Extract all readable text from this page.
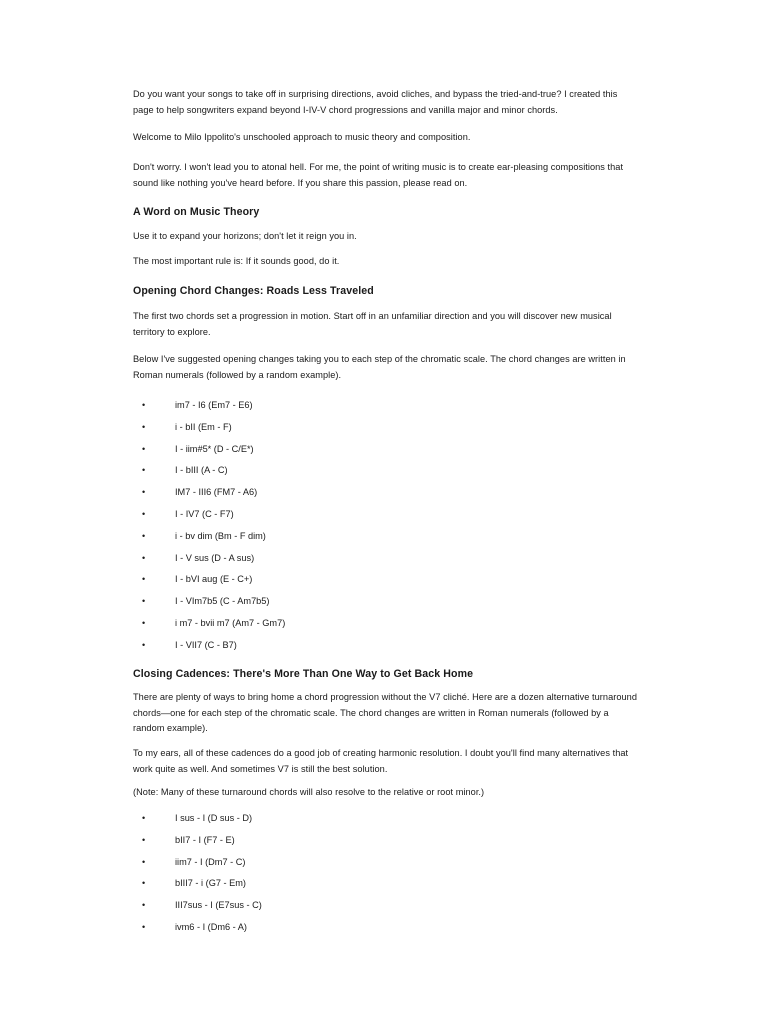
Do you want your songs to take off in surprising directions, avoid cliches, and bypass the tried-and-true? I created this page to help songwriters expand beyond I-IV-V chord progressions and vanilla major and minor chords.

Welcome to Milo Ippolito's unschooled approach to music theory and composition.

Don't worry. I won't lead you to atonal hell. For me, the point of writing music is to create ear-pleasing compositions that sound like nothing you've heard before. If you share this passion, please read on.

A Word on Music Theory

Use it to expand your horizons; don't let it reign you in.

The most important rule is: If it sounds good, do it.

Opening Chord Changes: Roads Less Traveled

The first two chords set a progression in motion. Start off in an unfamiliar direction and you will discover new musical territory to explore.

Below I've suggested opening changes taking you to each step of the chromatic scale. The chord changes are written in Roman numerals (followed by a random example).

•	im7 - I6 (Em7 - E6)
•	i - bII (Em - F)
•	I - iim#5* (D - C/E*)
•	I - bIII (A - C)
•	IM7 - III6 (FM7 - A6)
•	I - IV7 (C - F7)
•	i - bv dim (Bm - F dim)
•	I - V sus (D - A sus)
•	I - bVI aug (E - C+)
•	I - VIm7b5 (C - Am7b5)
•	i m7 - bvii m7 (Am7 - Gm7)
•	I - VII7 (C - B7)
Closing Cadences: There's More Than One Way to Get Back Home

There are plenty of ways to bring home a chord progression without the V7 cliché. Here are a dozen alternative turnaround chords—one for each step of the chromatic scale. The chord changes are written in Roman numerals (followed by a random example).

To my ears, all of these cadences do a good job of creating harmonic resolution. I doubt you'll find many alternatives that work quite as well. And sometimes V7 is still the best solution.

(Note: Many of these turnaround chords will also resolve to the relative or root minor.)

•	I sus - I (D sus - D)
•	bII7 - I (F7 - E)
•	iim7 - I (Dm7 - C)
•	bIII7 - i (G7 - Em)
•	III7sus - I (E7sus - C)
•	ivm6 - I (Dm6 - A)
